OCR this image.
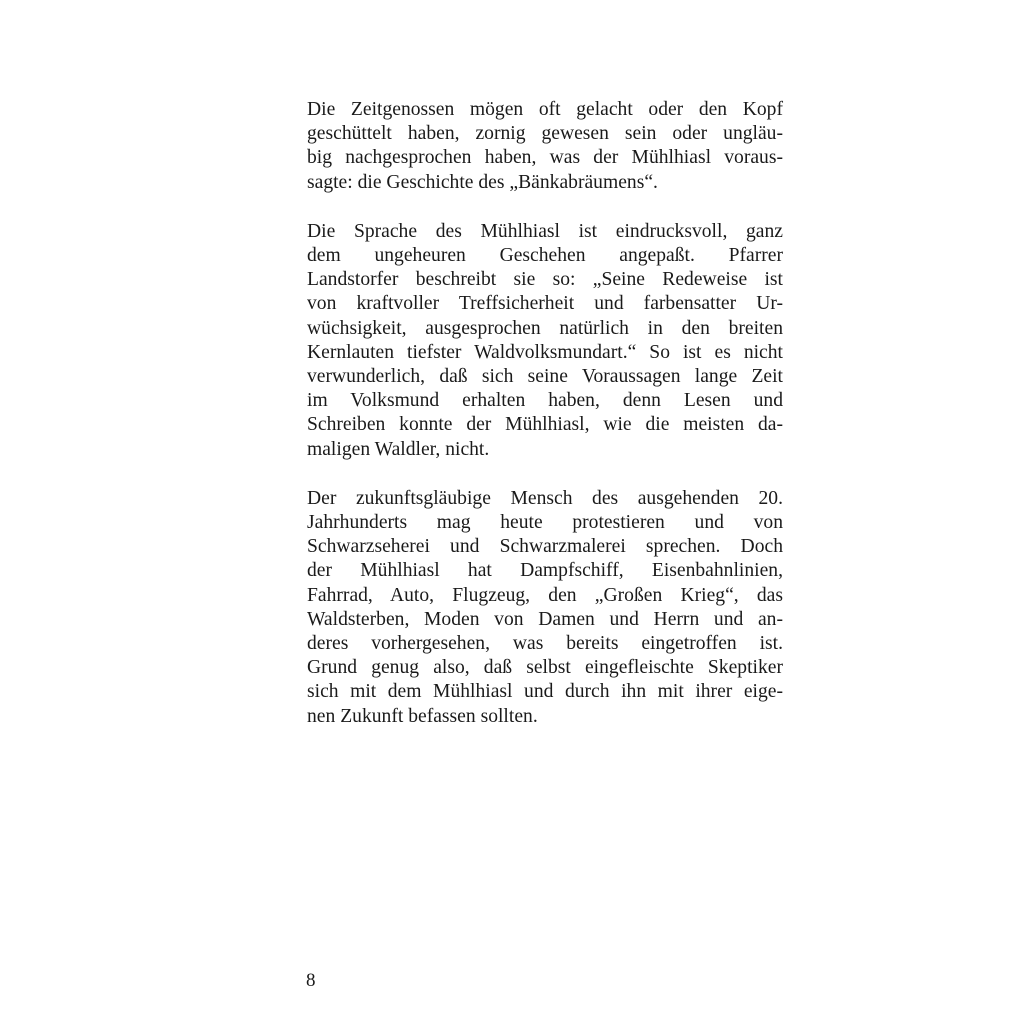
Die Zeitgenossen mögen oft gelacht oder den Kopf
geschüttelt haben, zornig gewesen sein oder ungläu-
big nachgesprochen haben, was der Mühlhiasl voraus-
sagte: die Geschichte des „Bänkabräumens“.

Die Sprache des Mühlhiasl ist eindrucksvoll, ganz
dem ungeheuren Geschehen angepaßt. Pfarrer
Landstorfer beschreibt sie so: „Seine Redeweise ist
von kraftvoller Treffsicherheit und farbensatter Ur-
wüchsigkeit, ausgesprochen natürlich in den breiten
Kernlauten tiefster Waldvolksmundart.“ So ist es nicht
verwunderlich, daß sich seine Voraussagen lange Zeit
im Volksmund erhalten haben, denn Lesen und
Schreiben konnte der Mühlhiasl, wie die meisten da-
maligen Waldler, nicht.

Der zukunftsgläubige Mensch des ausgehenden 20.
Jahrhunderts mag heute protestieren und von
Schwarzseherei und Schwarzmalerei sprechen. Doch
der Mühlhiasl hat Dampfschiff, Eisenbahnlinien,
Fahrrad, Auto, Flugzeug, den „Großen Krieg“, das
Waldsterben, Moden von Damen und Herrn und an-
deres vorhergesehen, was bereits eingetroffen ist.
Grund genug also, daß selbst eingefleischte Skeptiker
sich mit dem Mühlhiasl und durch ihn mit ihrer eige-
nen Zukunft befassen sollten.

8
